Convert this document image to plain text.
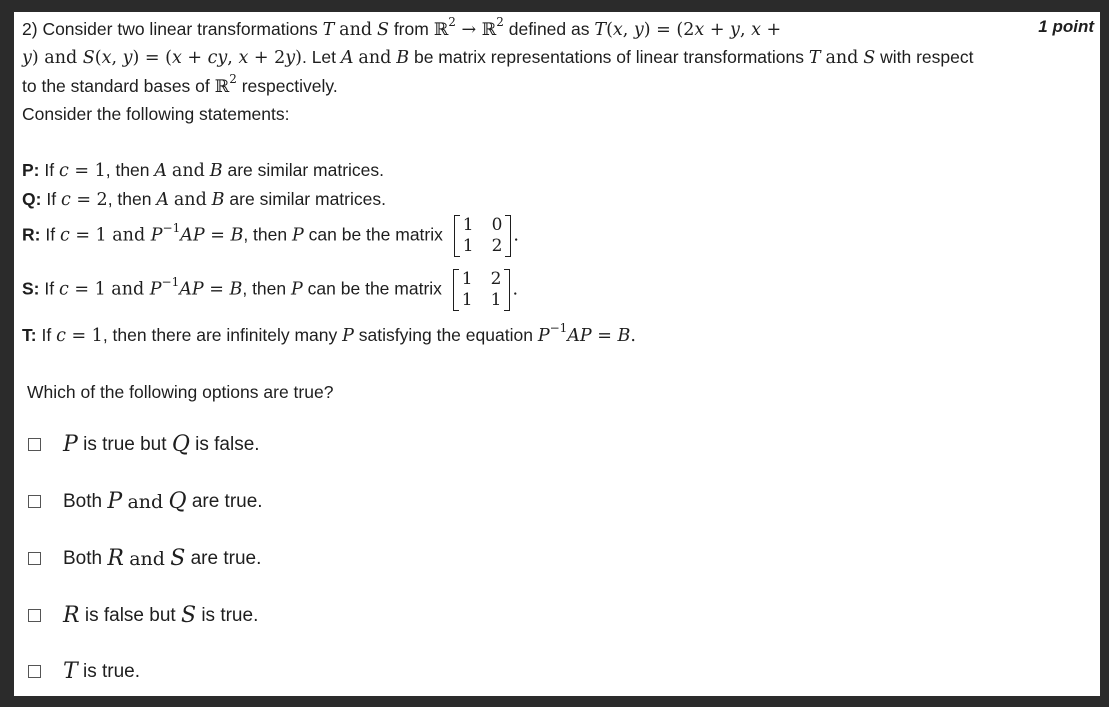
2) Consider two linear transformations T and S from ℝ$^2$ → ℝ$^2$ defined as T(x, y) = (2x + y, x +	1 point
y) and S(x, y) = (x + cy, x + 2y). Let A and B be matrix representations of linear transformations T and S with respect
to the standard bases of ℝ$^2$ respectively.
Consider the following statements:
P: If c = 1, then A and B are similar matrices.
Q: If c = 2, then A and B are similar matrices.
R: If c = 1 and $P^{-1}AP = B$, then P can be the matrix 1	0
1	2
.
S: If c = 1 and $P^{-1}AP = B$, then P can be the matrix 1	2
1	1
.
T: If c = 1, then there are infinitely many P satisfying the equation $P^{-1}AP = B$.
Which of the following options are true?
P
is true but
Q
is false.
Both
P
and
Q
are true.
Both
R
and
S
are true.
R
is false but
S
is true.
T
is true.
